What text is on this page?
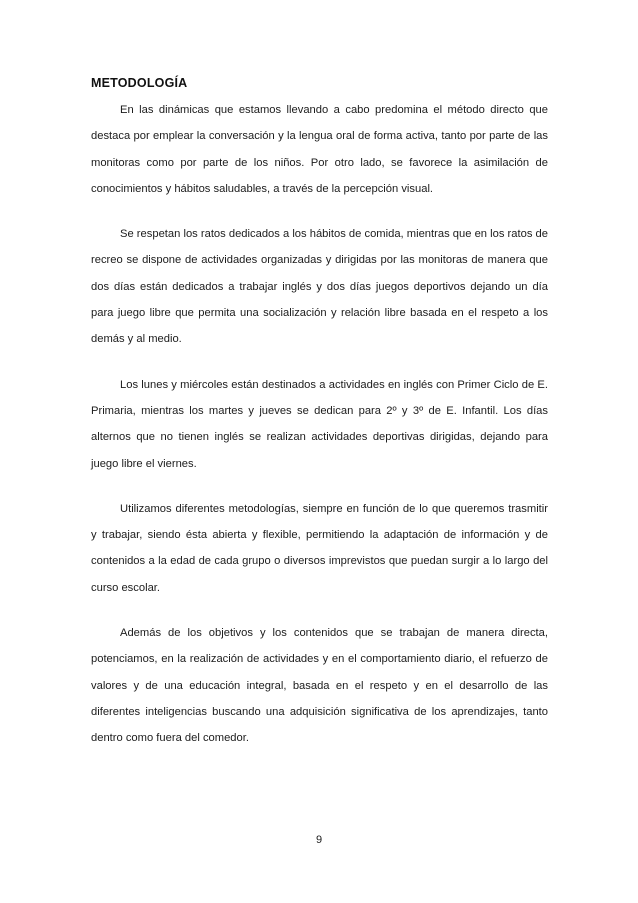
METODOLOGÍA

En las dinámicas que estamos llevando a cabo predomina el método directo que destaca por emplear la conversación y la lengua oral de forma activa, tanto por parte de las monitoras como por parte de los niños. Por otro lado, se favorece la asimilación de conocimientos y hábitos saludables, a través de la percepción visual.

Se respetan los ratos dedicados a los hábitos de comida, mientras que en los ratos de recreo se dispone de actividades organizadas y dirigidas por las monitoras de manera que dos días están dedicados a trabajar inglés y dos días juegos deportivos dejando un día para juego libre que permita una socialización y relación libre basada en el respeto a los demás y al medio.

Los lunes y miércoles están destinados a actividades en inglés con Primer Ciclo de E. Primaria, mientras los martes y jueves se dedican para 2º y 3º de E. Infantil. Los días alternos que no tienen inglés se realizan actividades deportivas dirigidas, dejando para juego libre el viernes.

Utilizamos diferentes metodologías, siempre en función de lo que queremos trasmitir y trabajar, siendo ésta abierta y flexible, permitiendo la adaptación de información y de contenidos a la edad de cada grupo o diversos imprevistos que puedan surgir a lo largo del curso escolar.

Además de los objetivos y los contenidos que se trabajan de manera directa, potenciamos, en la realización de actividades y en el comportamiento diario, el refuerzo de valores y de una educación integral, basada en el respeto y en el desarrollo de las diferentes inteligencias buscando una adquisición significativa de los aprendizajes, tanto dentro como fuera del comedor.

9
